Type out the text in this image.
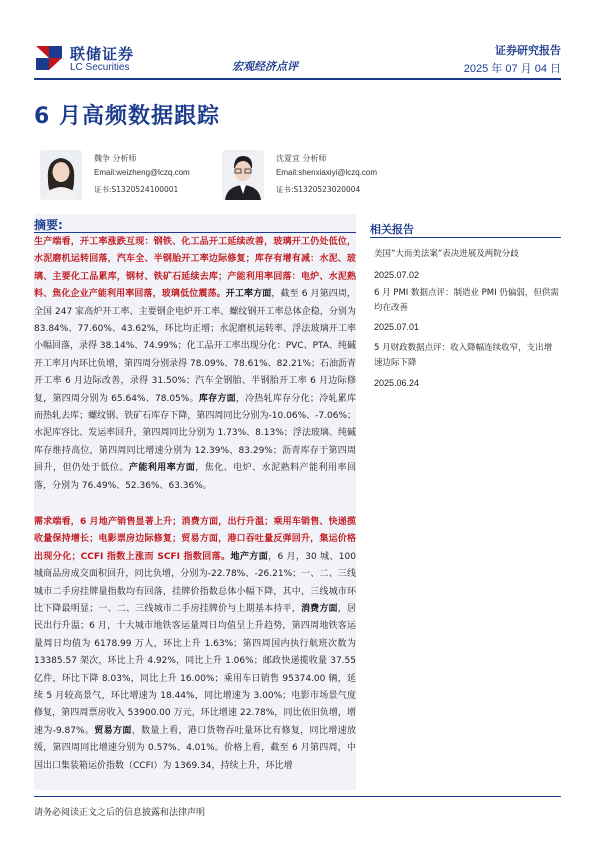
联储证券
LC Securities	宏观经济点评
证券研究报告
2025 年 07 月 04 日
6 月高频数据跟踪
魏争 分析师
Email:weizheng@lczq.com
证书:S1320524100001
沈夏宜 分析师
Email:shenxiaxiyi@lczq.com
证书:S1320523020004
摘要:
生产端看，开工率涨跌互现：钢铁、化工品开工延续改善，玻璃开工仍处低位，水泥磨机运转回落，汽车全、半钢胎开工率边际修复；库存有增有减：水泥、玻璃、主要化工品累库，钢材、铁矿石延续去库；产能利用率回落：电炉、水泥熟料、焦化企业产能利用率回落，玻璃低位震荡。开工率方面，截至 6 月第四周，全国 247 家高炉开工率、主要钢企电炉开工率、螺纹钢开工率总体企稳，分别为 83.84%、77.60%、43.62%，环比均正增；水泥磨机运转率、浮法玻璃开工率小幅回落，录得 38.14%、74.99%；化工品开工率出现分化：PVC、PTA、纯碱开工率月内环比负增，第四周分别录得 78.09%、78.61%、82.21%；石油沥青开工率 6 月边际改善，录得 31.50%；汽车全钢胎、半钢胎开工率 6 月边际修复，第四周分别为 65.64%、78.05%。库存方面，冷热轧库存分化；冷轧累库而热轧去库；螺纹钢、铁矿石库存下降，第四周同比分别为-10.06%、-7.06%；水泥库容比、发运率回升，第四周同比分别为 1.73%、8.13%；浮法玻璃、纯碱库存维持高位，第四周同比增速分别为 12.39%、83.29%；沥青库存于第四周回升，但仍处于低位。产能利用率方面，焦化、电炉、水泥熟料产能利用率回落，分别为 76.49%、52.36%、63.36%。
需求端看，6 月地产销售显著上升；消费方面，出行升温；乘用车销售、快递揽收量保持增长；电影票房边际修复；贸易方面，港口吞吐量反弹回升，集运价格出现分化；CCFI 指数上涨而 SCFI 指数回落。地产方面，6 月，30 城、100 城商品房成交面积回升，同比负增，分别为-22.78%、-26.21%；一、二、三线城市二手房挂牌量指数均有回落，挂牌价指数总体小幅下降，其中，三线城市环比下降最明显；一、二、三线城市二手房挂牌价与上期基本持平，消费方面，居民出行升温；6 月，十大城市地铁客运量周日均值呈上升趋势，第四周地铁客运量周日均值为 6178.99 万人，环比上升 1.63%；第四周国内执行航班次数为 13385.57 架次，环比上升 4.92%，同比上升 1.06%；邮政快递揽收量 37.55 亿件，环比下降 8.03%，同比上升 16.00%；乘用车日销售 95374.00 辆，延续 5 月较高景气，环比增速为 18.44%，同比增速为 3.00%；电影市场景气度修复，第四周票房收入 53900.00 万元，环比增速 22.78%，同比依旧负增，增速为-9.87%。贸易方面，数量上看，港口货物吞吐量环比有修复，同比增速放缓，第四周同比增速分别为 0.57%、4.01%。价格上看，截至 6 月第四周，中国出口集装箱运价指数（CCFI）为 1369.34，持续上升，环比增
相关报告
美国“大而美法案”表决进展及两院分歧
2025.07.02
6 月 PMI 数据点评：制造业 PMI 仍偏弱，但供需均在改善
2025.07.01
5 月财政数据点评：收入降幅连续收窄，支出增速边际下降
2025.06.24
请务必阅读正文之后的信息披露和法律声明
